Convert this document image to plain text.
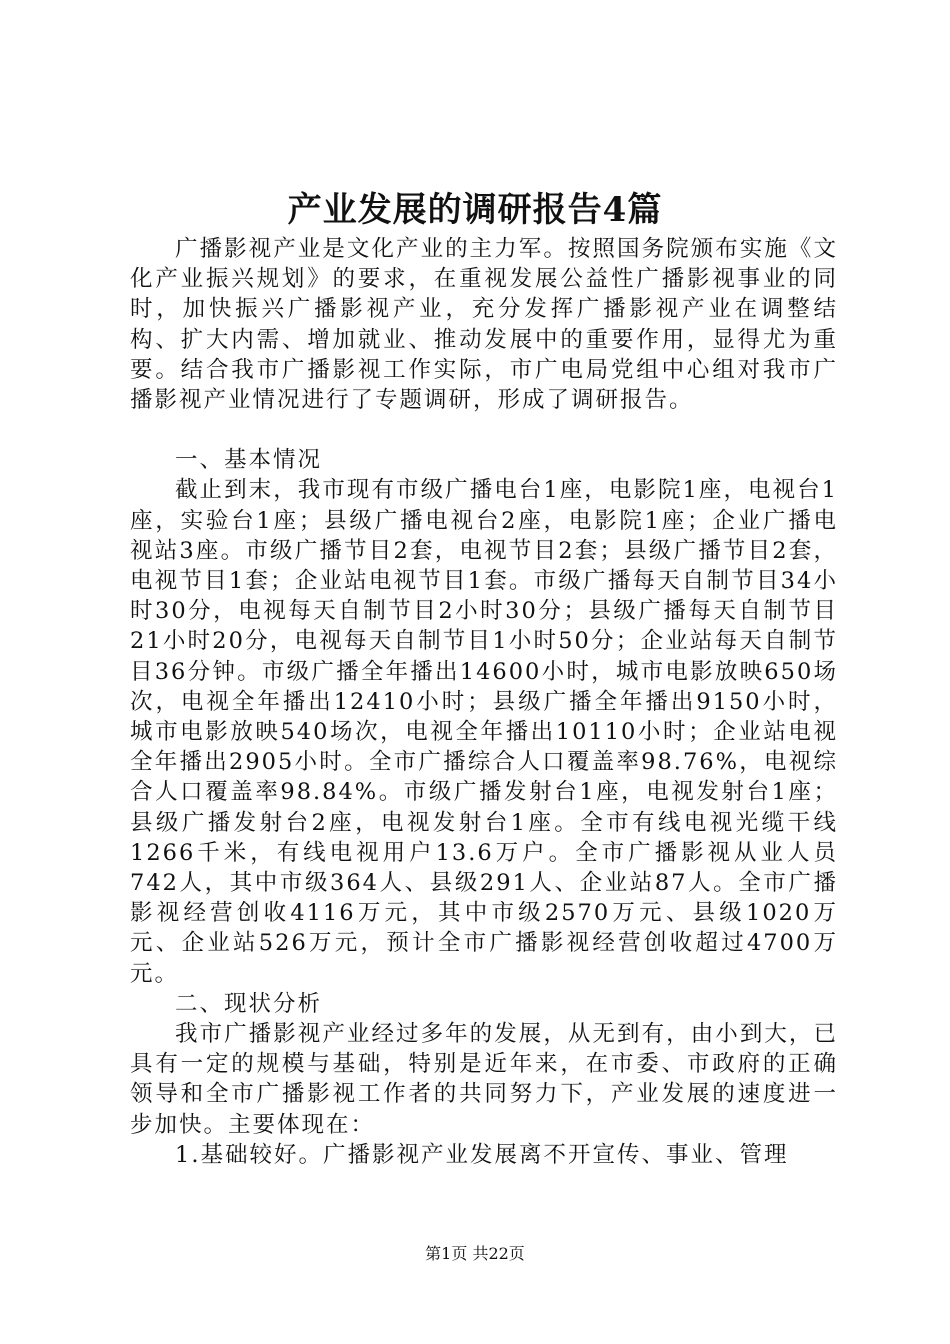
产业发展的调研报告4篇

广播影视产业是文化产业的主力军。按照国务院颁布实施《文化产业振兴规划》的要求，在重视发展公益性广播影视事业的同时，加快振兴广播影视产业，充分发挥广播影视产业在调整结构、扩大内需、增加就业、推动发展中的重要作用，显得尤为重要。结合我市广播影视工作实际，市广电局党组中心组对我市广播影视产业情况进行了专题调研，形成了调研报告。

一、基本情况

截止到末，我市现有市级广播电台1座，电影院1座，电视台1座，实验台1座；县级广播电视台2座，电影院1座；企业广播电视站3座。市级广播节目2套，电视节目2套；县级广播节目2套，电视节目1套；企业站电视节目1套。市级广播每天自制节目34小时30分，电视每天自制节目2小时30分；县级广播每天自制节目21小时20分，电视每天自制节目1小时50分；企业站每天自制节目36分钟。市级广播全年播出14600小时，城市电影放映650场次，电视全年播出12410小时；县级广播全年播出9150小时，城市电影放映540场次，电视全年播出10110小时；企业站电视全年播出2905小时。全市广播综合人口覆盖率98.76%，电视综合人口覆盖率98.84%。市级广播发射台1座，电视发射台1座；县级广播发射台2座，电视发射台1座。全市有线电视光缆干线1266千米，有线电视用户13.6万户。全市广播影视从业人员742人，其中市级364人、县级291人、企业站87人。全市广播影视经营创收4116万元，其中市级2570万元、县级1020万元、企业站526万元，预计全市广播影视经营创收超过4700万元。

二、现状分析

我市广播影视产业经过多年的发展，从无到有，由小到大，已具有一定的规模与基础，特别是近年来，在市委、市政府的正确领导和全市广播影视工作者的共同努力下，产业发展的速度进一步加快。主要体现在：

1.基础较好。广播影视产业发展离不开宣传、事业、管理

第1页 共22页
